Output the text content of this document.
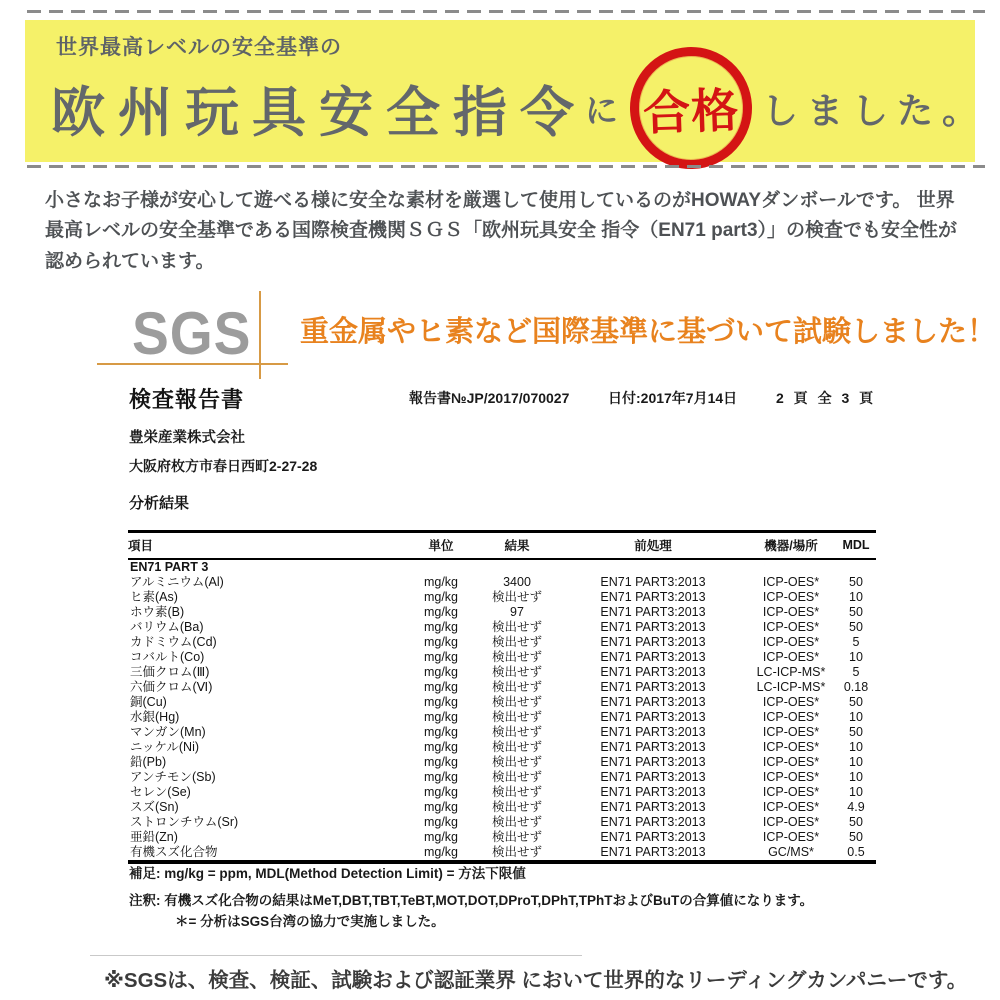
世界最高レベルの安全基準の
欧州玩具安全指令
に 合格 しました。

小さなお子様が安心して遊べる様に安全な素材を厳選して使用しているのがHOWAYダンボールです。 世界最高レベルの安全基準である国際検査機関ＳＧＳ「欧州玩具安全 指令（EN71 part3）」の検査でも安全性が認められています。

SGS 重金属やヒ素など国際基準に基づいて試験しました！
検査報告書	報告書№JP/2017/070027	日付:2017年7月14日	2 頁 全 3 頁
豊栄産業株式会社
大阪府枚方市春日西町2-27-28
分析結果
項目	単位	結果	前処理	機器/場所	MDL
EN71 PART 3					
アルミニウム(Al)	mg/kg	3400	EN71 PART3:2013	ICP-OES*	50
ヒ素(As)	mg/kg	検出せず	EN71 PART3:2013	ICP-OES*	10
ホウ素(B)	mg/kg	97	EN71 PART3:2013	ICP-OES*	50
バリウム(Ba)	mg/kg	検出せず	EN71 PART3:2013	ICP-OES*	50
カドミウム(Cd)	mg/kg	検出せず	EN71 PART3:2013	ICP-OES*	5
コバルト(Co)	mg/kg	検出せず	EN71 PART3:2013	ICP-OES*	10
三価クロム(Ⅲ)	mg/kg	検出せず	EN71 PART3:2013	LC-ICP-MS*	5
六価クロム(Ⅵ)	mg/kg	検出せず	EN71 PART3:2013	LC-ICP-MS*	0.18
銅(Cu)	mg/kg	検出せず	EN71 PART3:2013	ICP-OES*	50
水銀(Hg)	mg/kg	検出せず	EN71 PART3:2013	ICP-OES*	10
マンガン(Mn)	mg/kg	検出せず	EN71 PART3:2013	ICP-OES*	50
ニッケル(Ni)	mg/kg	検出せず	EN71 PART3:2013	ICP-OES*	10
鉛(Pb)	mg/kg	検出せず	EN71 PART3:2013	ICP-OES*	10
アンチモン(Sb)	mg/kg	検出せず	EN71 PART3:2013	ICP-OES*	10
セレン(Se)	mg/kg	検出せず	EN71 PART3:2013	ICP-OES*	10
スズ(Sn)	mg/kg	検出せず	EN71 PART3:2013	ICP-OES*	4.9
ストロンチウム(Sr)	mg/kg	検出せず	EN71 PART3:2013	ICP-OES*	50
亜鉛(Zn)	mg/kg	検出せず	EN71 PART3:2013	ICP-OES*	50
有機スズ化合物	mg/kg	検出せず	EN71 PART3:2013	GC/MS*	0.5
補足: mg/kg = ppm, MDL(Method Detection Limit) = 方法下限値
注釈: 有機スズ化合物の結果はMeT,DBT,TBT,TeBT,MOT,DOT,DProT,DPhT,TPhTおよびBuTの合算値になります。
＊= 分析はSGS台湾の協力で実施しました。
※SGSは、検査、検証、試験および認証業界 において世界的なリーディングカンパニーです。
